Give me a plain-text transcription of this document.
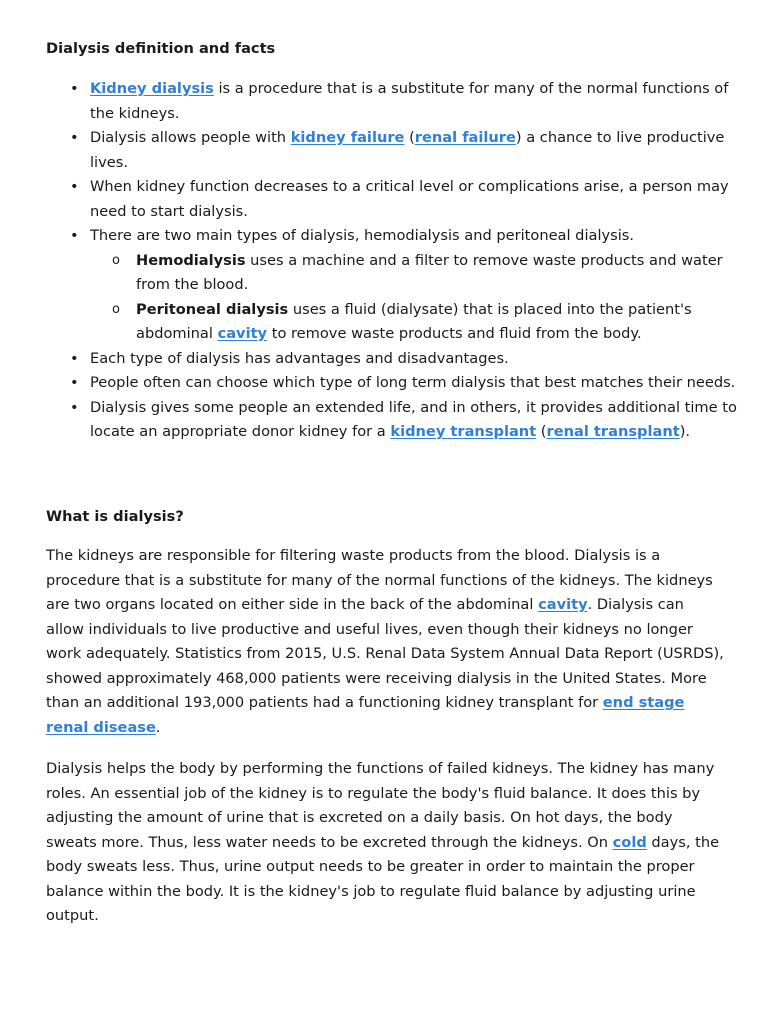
Dialysis definition and facts
• Kidney dialysis is a procedure that is a substitute for many of the normal functions of the kidneys.
• Dialysis allows people with kidney failure (renal failure) a chance to live productive lives.
• When kidney function decreases to a critical level or complications arise, a person may need to start dialysis.
• There are two main types of dialysis, hemodialysis and peritoneal dialysis.
o Hemodialysis uses a machine and a filter to remove waste products and water from the blood.
o Peritoneal dialysis uses a fluid (dialysate) that is placed into the patient's abdominal cavity to remove waste products and fluid from the body.
• Each type of dialysis has advantages and disadvantages.
• People often can choose which type of long term dialysis that best matches their needs.
• Dialysis gives some people an extended life, and in others, it provides additional time to locate an appropriate donor kidney for a kidney transplant (renal transplant).
What is dialysis?

The kidneys are responsible for filtering waste products from the blood. Dialysis is a procedure that is a substitute for many of the normal functions of the kidneys. The kidneys are two organs located on either side in the back of the abdominal cavity. Dialysis can allow individuals to live productive and useful lives, even though their kidneys no longer work adequately. Statistics from 2015, U.S. Renal Data System Annual Data Report (USRDS), showed approximately 468,000 patients were receiving dialysis in the United States. More than an additional 193,000 patients had a functioning kidney transplant for end stage renal disease.

Dialysis helps the body by performing the functions of failed kidneys. The kidney has many roles. An essential job of the kidney is to regulate the body's fluid balance. It does this by adjusting the amount of urine that is excreted on a daily basis. On hot days, the body sweats more. Thus, less water needs to be excreted through the kidneys. On cold days, the body sweats less. Thus, urine output needs to be greater in order to maintain the proper balance within the body. It is the kidney's job to regulate fluid balance by adjusting urine output.
